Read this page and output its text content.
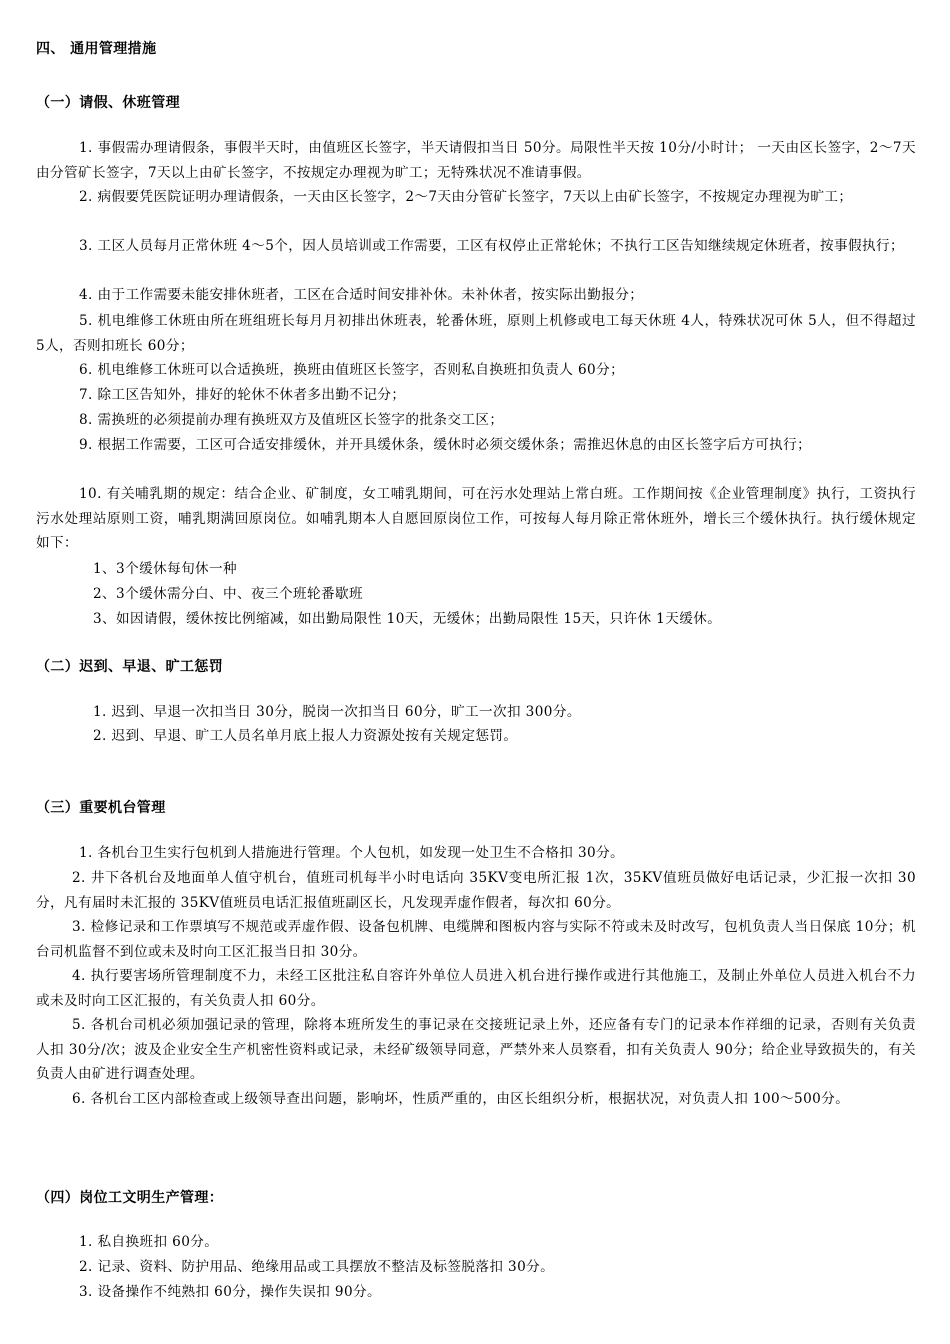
四、 通用管理措施
（一）请假、休班管理
1. 事假需办理请假条，事假半天时，由值班区长签字，半天请假扣当日 50分。局限性半天按 10分/小时计； 一天由区长签字，2～7天由分管矿长签字，7天以上由矿长签字，不按规定办理视为旷工；无特殊状况不准请事假。
2. 病假要凭医院证明办理请假条，一天由区长签字，2～7天由分管矿长签字，7天以上由矿长签字，不按规定办理视为旷工；
3. 工区人员每月正常休班 4～5个，因人员培训或工作需要，工区有权停止正常轮休；不执行工区告知继续规定休班者，按事假执行；
4. 由于工作需要未能安排休班者，工区在合适时间安排补休。未补休者，按实际出勤报分；
5. 机电维修工休班由所在班组班长每月月初排出休班表，轮番休班，原则上机修或电工每天休班 4人，特殊状况可休 5人，但不得超过 5人，否则扣班长 60分；
6. 机电维修工休班可以合适换班，换班由值班区长签字，否则私自换班扣负责人 60分；
7. 除工区告知外，排好的轮休不休者多出勤不记分；
8. 需换班的必须提前办理有换班双方及值班区长签字的批条交工区；
9. 根据工作需要，工区可合适安排缓休，并开具缓休条，缓休时必须交缓休条；需推迟休息的由区长签字后方可执行；
10. 有关哺乳期的规定：结合企业、矿制度，女工哺乳期间，可在污水处理站上常白班。工作期间按《企业管理制度》执行，工资执行污水处理站原则工资，哺乳期满回原岗位。如哺乳期本人自愿回原岗位工作，可按每人每月除正常休班外，增长三个缓休执行。执行缓休规定如下：
1、3个缓休每旬休一种
2、3个缓休需分白、中、夜三个班轮番歇班
3、如因请假，缓休按比例缩减，如出勤局限性 10天，无缓休；出勤局限性 15天，只许休 1天缓休。
（二）迟到、早退、旷工惩罚
1. 迟到、早退一次扣当日 30分，脱岗一次扣当日 60分，旷工一次扣 300分。
2. 迟到、早退、旷工人员名单月底上报人力资源处按有关规定惩罚。
（三）重要机台管理
1. 各机台卫生实行包机到人措施进行管理。个人包机，如发现一处卫生不合格扣 30分。
2. 井下各机台及地面单人值守机台，值班司机每半小时电话向 35KV变电所汇报 1次，35KV值班员做好电话记录，少汇报一次扣 30分，凡有届时未汇报的 35KV值班员电话汇报值班副区长，凡发现弄虚作假者，每次扣 60分。
3. 检修记录和工作票填写不规范或弄虚作假、设备包机牌、电缆牌和图板内容与实际不符或未及时改写，包机负责人当日保底 10分；机台司机监督不到位或未及时向工区汇报当日扣 30分。
4. 执行要害场所管理制度不力，未经工区批注私自容许外单位人员进入机台进行操作或进行其他施工，及制止外单位人员进入机台不力或未及时向工区汇报的，有关负责人扣 60分。
5. 各机台司机必须加强记录的管理，除将本班所发生的事记录在交接班记录上外，还应备有专门的记录本作祥细的记录，否则有关负责人扣 30分/次；波及企业安全生产机密性资料或记录，未经矿级领导同意，严禁外来人员察看，扣有关负责人 90分；给企业导致损失的，有关负责人由矿进行调查处理。
6. 各机台工区内部检查或上级领导查出问题，影响坏，性质严重的，由区长组织分析，根据状况，对负责人扣 100～500分。
（四）岗位工文明生产管理：
1. 私自换班扣 60分。
2. 记录、资料、防护用品、绝缘用品或工具摆放不整洁及标签脱落扣 30分。
3. 设备操作不纯熟扣 60分，操作失误扣 90分。
